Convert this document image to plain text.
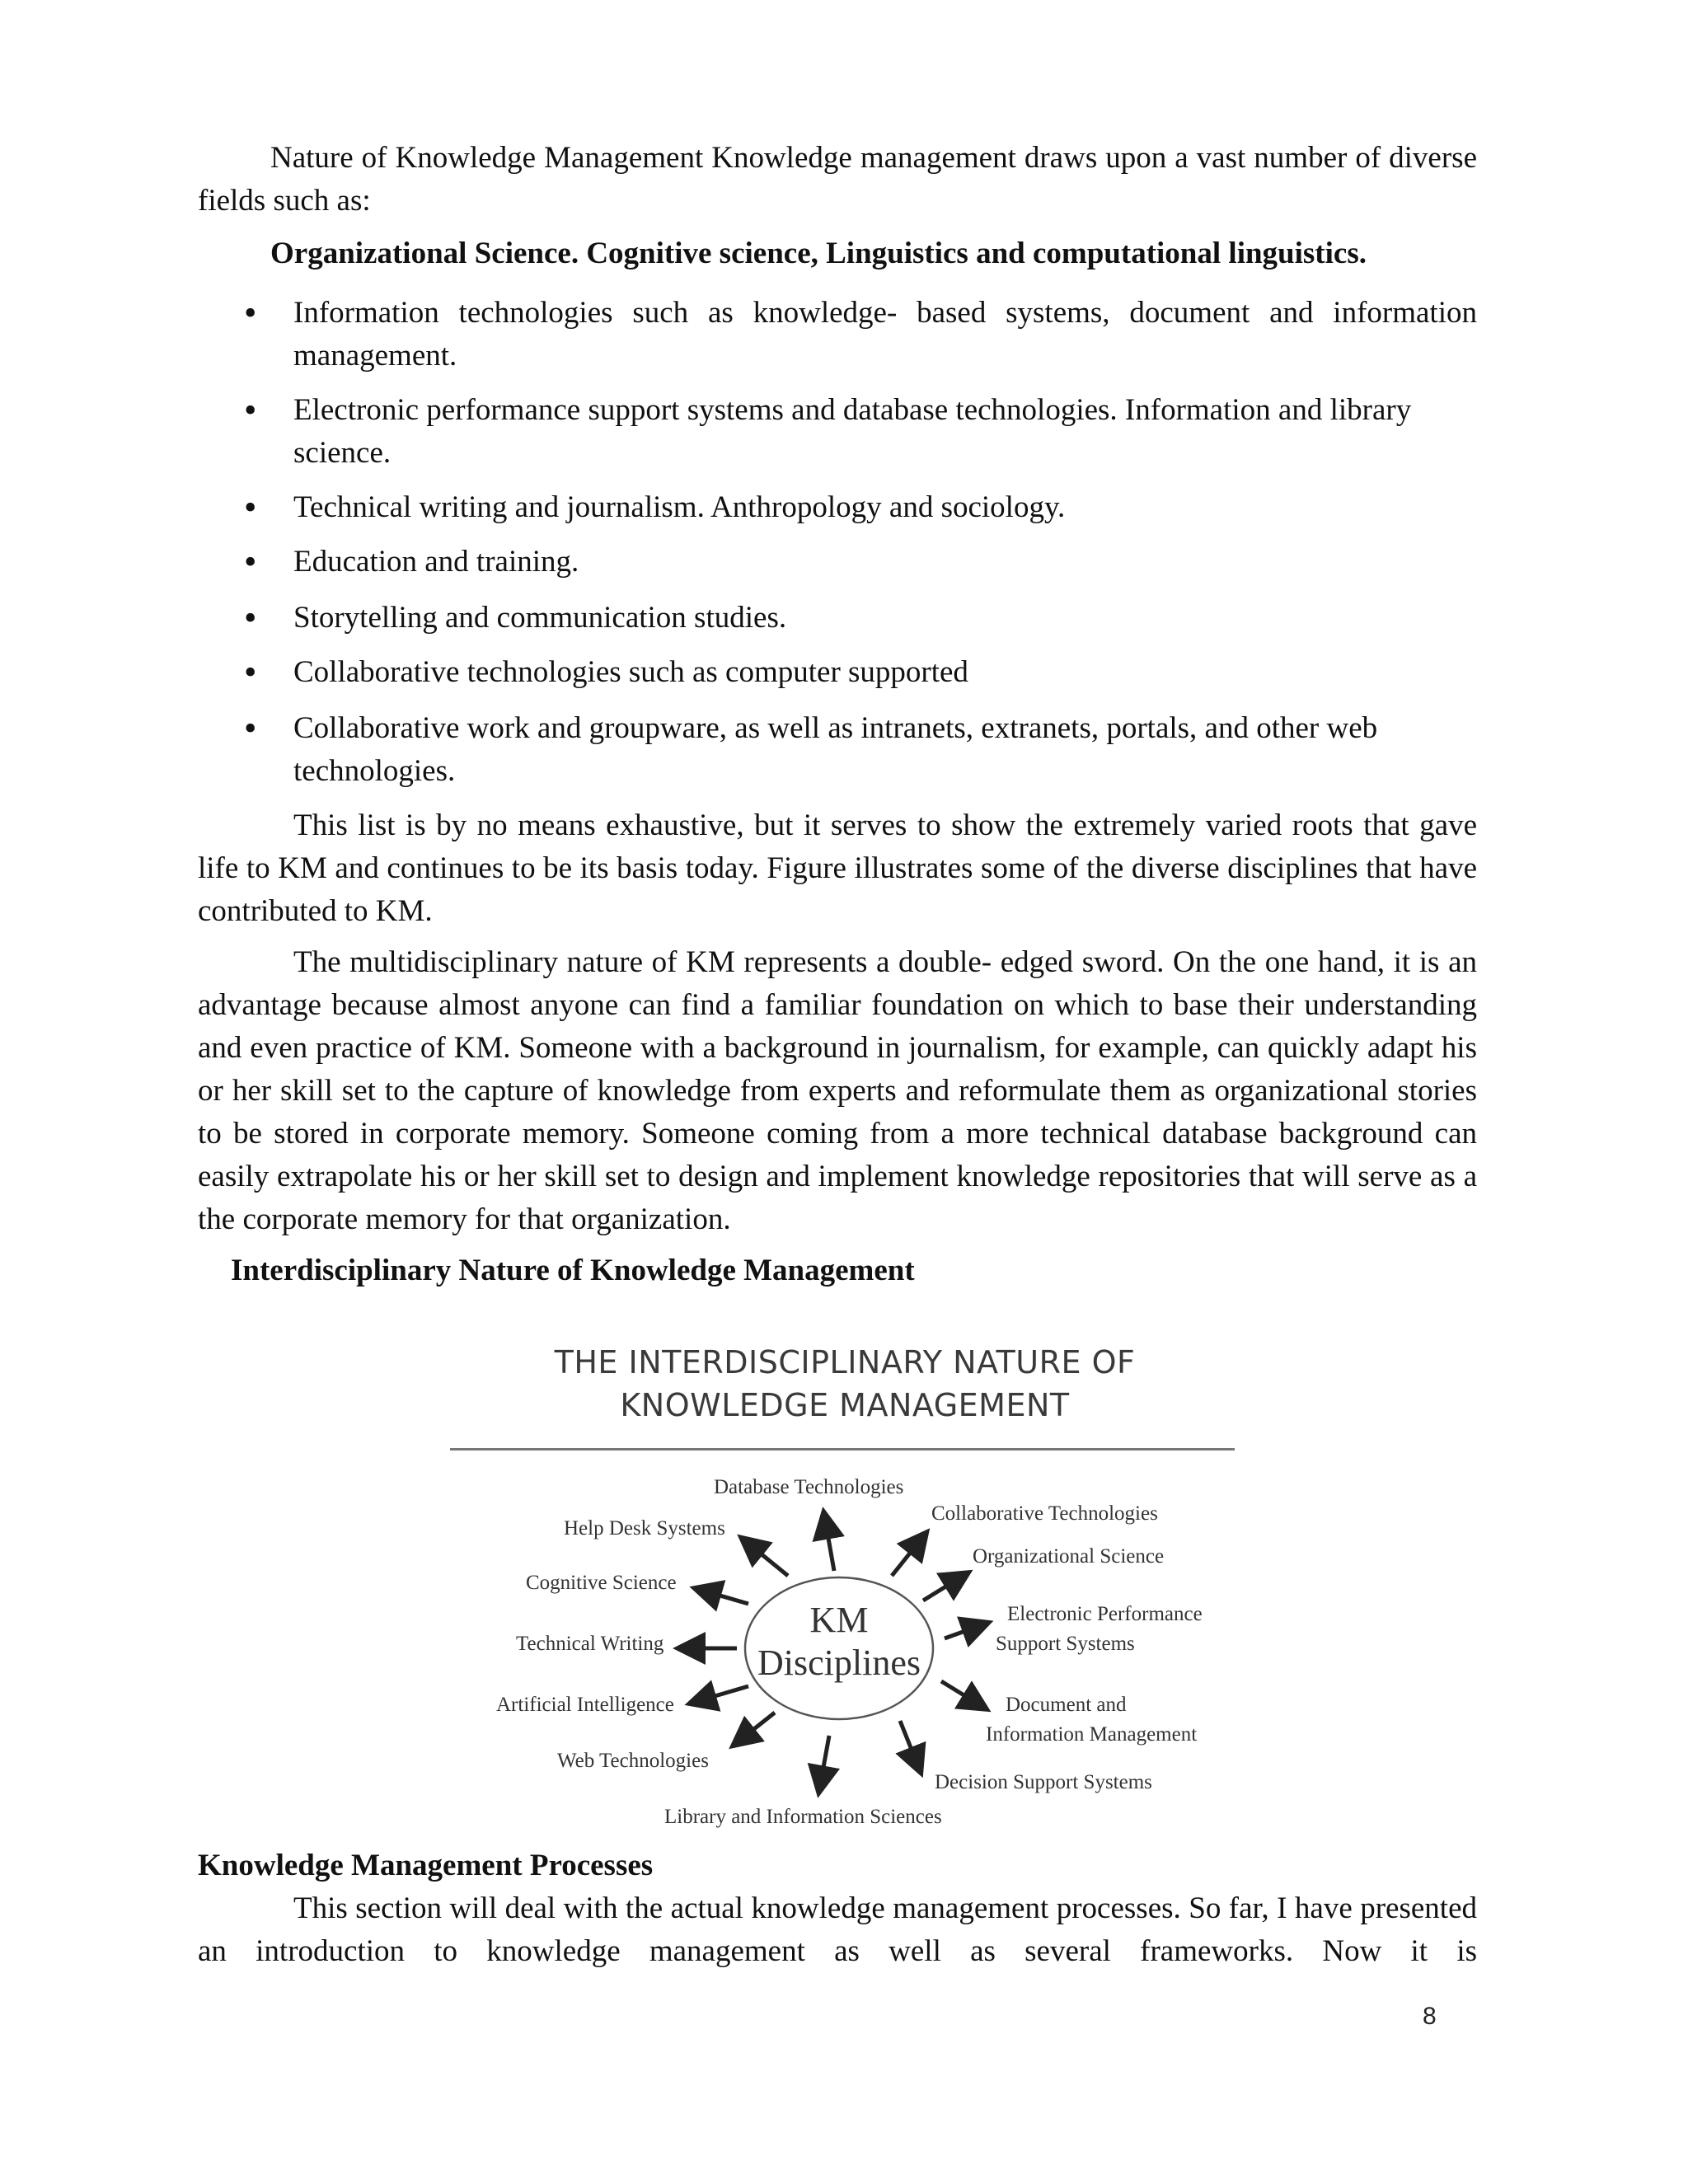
Nature of Knowledge Management Knowledge management draws upon a vast number of diverse fields such as:

Organizational Science. Cognitive science, Linguistics and computational linguistics.

• Information technologies such as knowledge- based systems, document and information management.

• Electronic performance support systems and database technologies. Information and library science.

• Technical writing and journalism. Anthropology and sociology.

• Education and training.

• Storytelling and communication studies.

• Collaborative technologies such as computer supported

• Collaborative work and groupware, as well as intranets, extranets, portals, and other web technologies.

This list is by no means exhaustive, but it serves to show the extremely varied roots that gave life to KM and continues to be its basis today. Figure illustrates some of the diverse disciplines that have contributed to KM.

The multidisciplinary nature of KM represents a double- edged sword. On the one hand, it is an advantage because almost anyone can find a familiar foundation on which to base their understanding and even practice of KM. Someone with a background in journalism, for example, can quickly adapt his or her skill set to the capture of knowledge from experts and reformulate them as organizational stories to be stored in corporate memory. Someone coming from a more technical database background can easily extrapolate his or her skill set to design and implement knowledge repositories that will serve as a the corporate memory for that organization.

Interdisciplinary Nature of Knowledge Management

THE INTERDISCIPLINARY NATURE OF
KNOWLEDGE MANAGEMENT
KM
Disciplines
Database Technologies
Collaborative Technologies
Help Desk Systems
Organizational Science
Cognitive Science
Electronic Performance
Support Systems
Technical Writing
Artificial Intelligence	Document and
Information Management
Web Technologies
Decision Support Systems
Library and Information Sciences

Knowledge Management Processes

This section will deal with the actual knowledge management processes. So far, I have presented an introduction to knowledge management as well as several frameworks. Now it is

8
